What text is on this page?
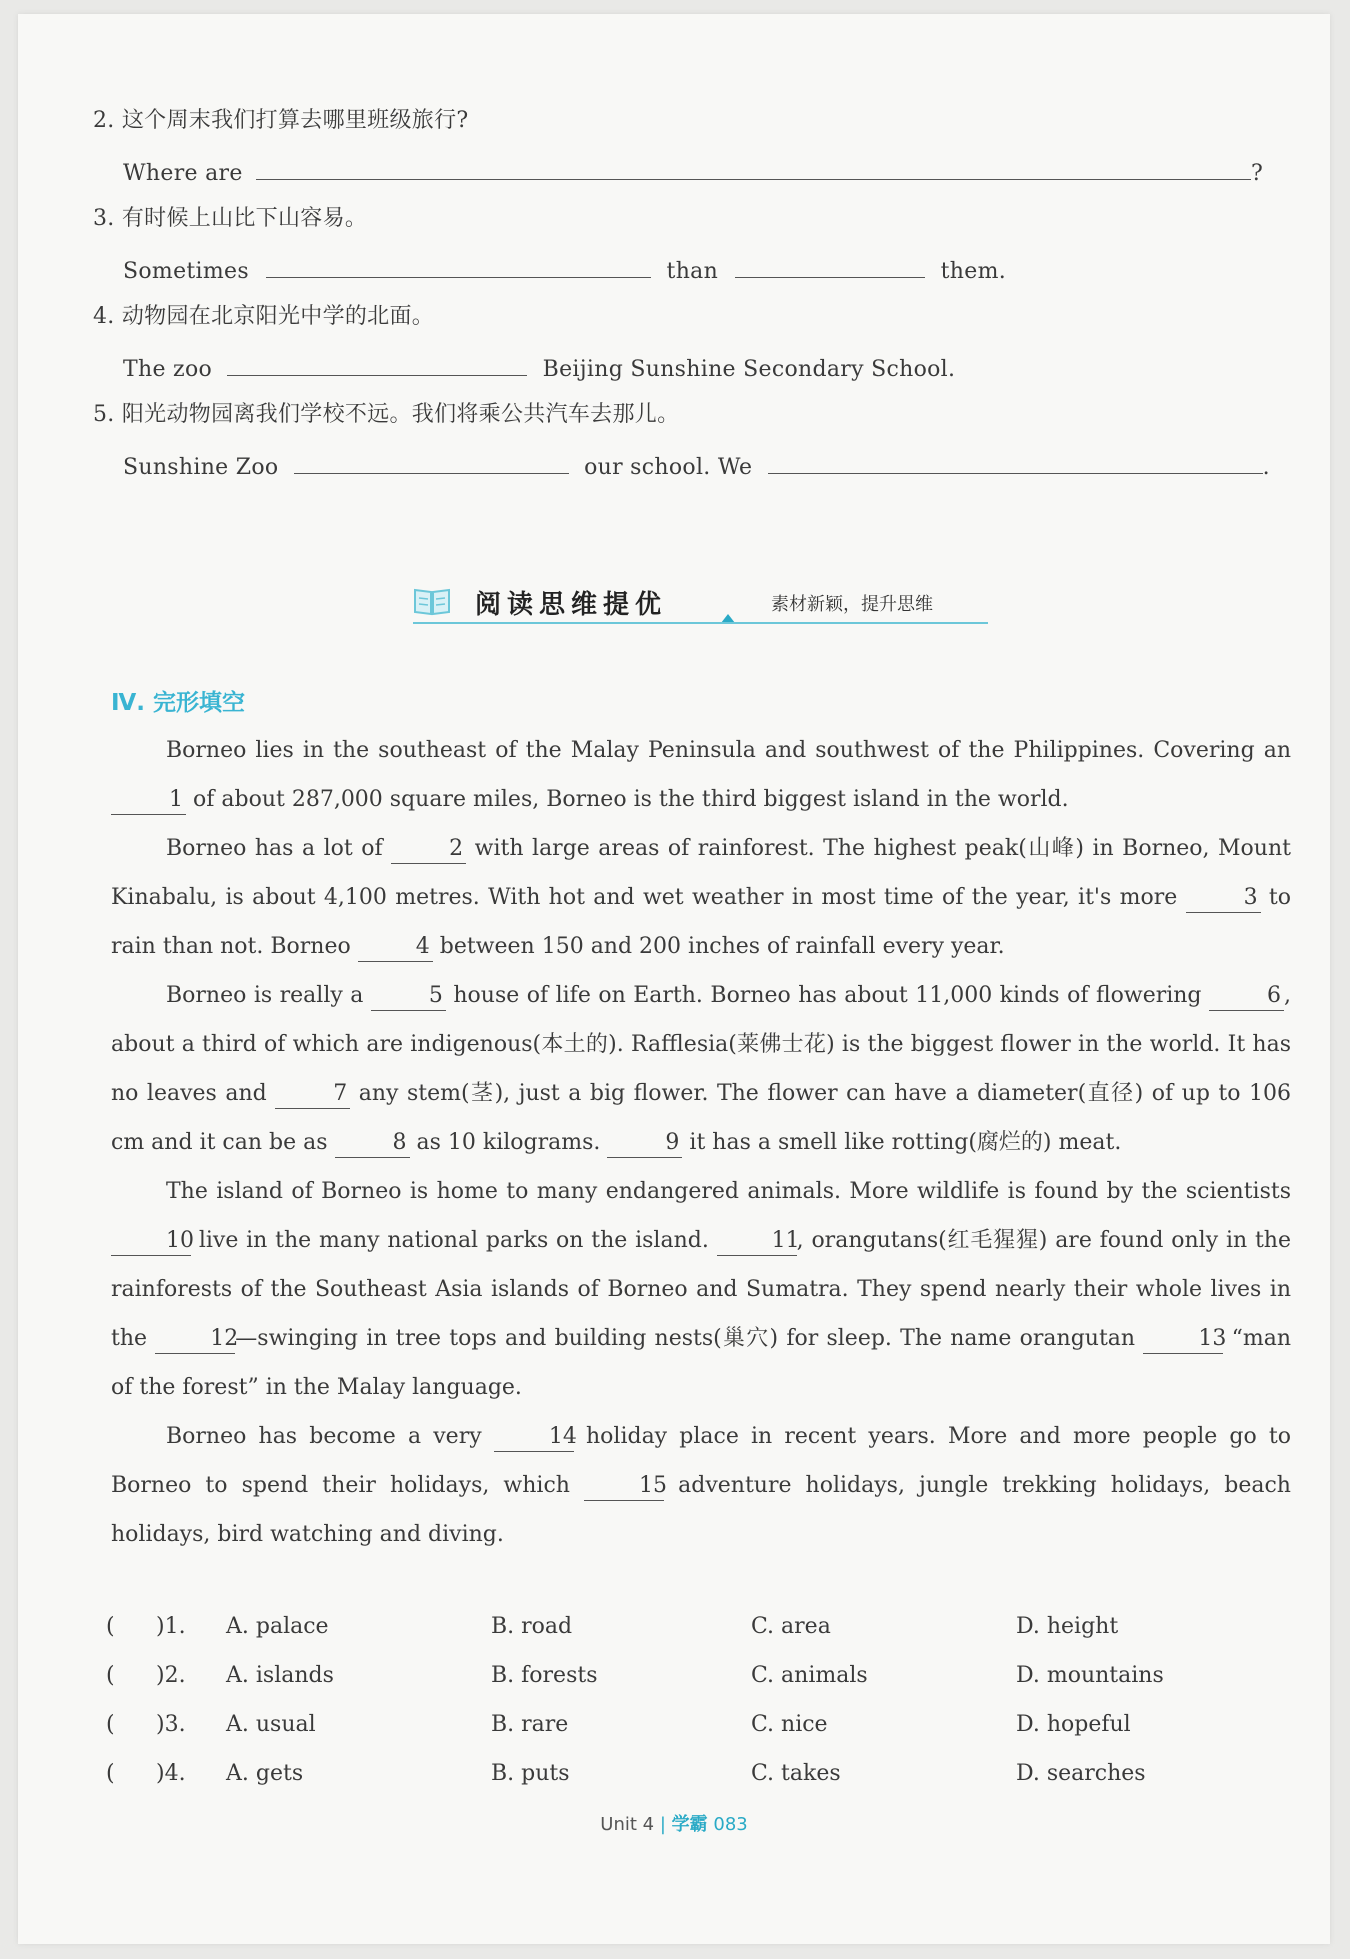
2. 这个周末我们打算去哪里班级旅行?
Where are	?
3. 有时候上山比下山容易。
Sometimes	than	them.
4. 动物园在北京阳光中学的北面。
The zoo	Beijing Sunshine Secondary School.
5. 阳光动物园离我们学校不远。我们将乘公共汽车去那儿。
Sunshine Zoo	our school. We	.
阅读思维提优	素材新颖，提升思维
Ⅳ. 完形填空

Borneo lies in the southeast of the Malay Peninsula and southwest of the Philippines. Covering an 1 of about 287,000 square miles, Borneo is the third biggest island in the world.

Borneo has a lot of	2 with large areas of rainforest. The highest peak(山峰) in Borneo, Mount Kinabalu, is about 4,100 metres. With hot and wet weather in most time of the year, it's more	3 to rain than not. Borneo	4 between 150 and 200 inches of rainfall every year.

Borneo is really a	5 house of life on Earth. Borneo has about 11,000 kinds of flowering	6 , about a third of which are indigenous(本土的). Rafflesia(莱佛士花) is the biggest flower in the world. It has no leaves and	7 any stem(茎), just a big flower. The flower can have a diameter(直径) of up to 106 cm and it can be as	8 as 10 kilograms.	9 it has a smell like rotting(腐烂的) meat.

The island of Borneo is home to many endangered animals. More wildlife is found by the scientists 10 live in the many national parks on the island.	11, orangutans(红毛猩猩) are found only in the rainforests of the Southeast Asia islands of Borneo and Sumatra. They spend nearly their whole lives in the	12—swinging in tree tops and building nests(巢穴) for sleep. The name orangutan	13 “man of the forest” in the Malay language.

Borneo has become a very	14 holiday place in recent years. More and more people go to Borneo to spend their holidays, which	15 adventure holidays, jungle trekking holidays, beach holidays, bird watching and diving.

( )1. A. palace	B. road	C. area	D. height
( )2. A. islands	B. forests	C. animals	D. mountains
( )3. A. usual	B. rare	C. nice	D. hopeful
( )4. A. gets	B. puts	C. takes	D. searches
Unit 4 | 学霸 083
